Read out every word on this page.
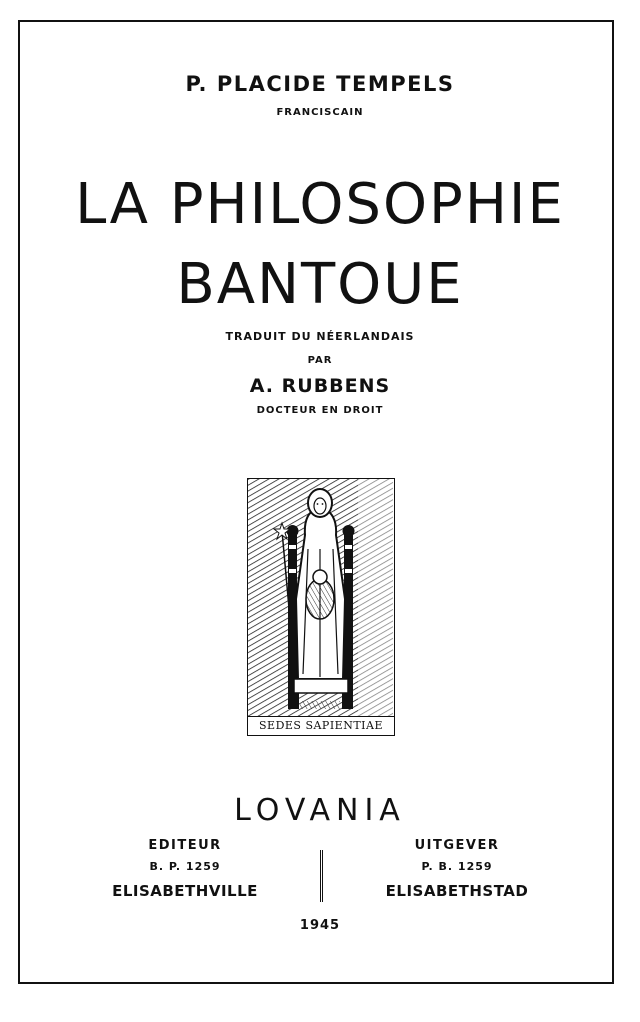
P. PLACIDE TEMPELS
FRANCISCAIN
LA PHILOSOPHIE
BANTOUE
TRADUIT DU NÉERLANDAIS
PAR
A. RUBBENS
DOCTEUR EN DROIT
SEDES SAPIENTIAE
LOVANIA
EDITEUR
B. P. 1259
ELISABETHVILLE
UITGEVER
P. B. 1259
ELISABETHSTAD
1945
